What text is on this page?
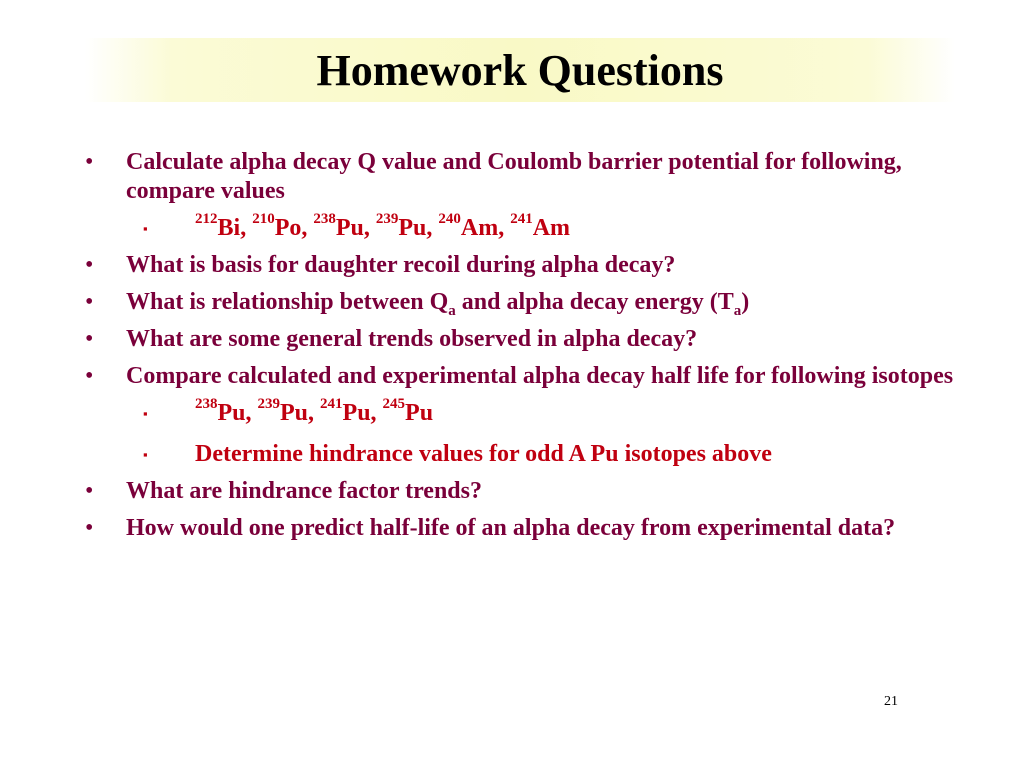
Homework Questions
• Calculate alpha decay Q value and Coulomb barrier potential for following, compare values
▪
$^{212}$Bi, $^{210}$Po, $^{238}$Pu, $^{239}$Pu, $^{240}$Am, $^{241}$Am
• What is basis for daughter recoil during alpha decay?
• What is relationship between $Q_a$ and alpha decay energy $(T_a)$
• What are some general trends observed in alpha decay?
• Compare calculated and experimental alpha decay half life for following isotopes
▪
$^{238}$Pu, $^{239}$Pu, $^{241}$Pu, $^{245}$Pu
▪ Determine hindrance values for odd A Pu isotopes above
• What are hindrance factor trends?
• How would one predict half-life of an alpha decay from experimental data?
21
